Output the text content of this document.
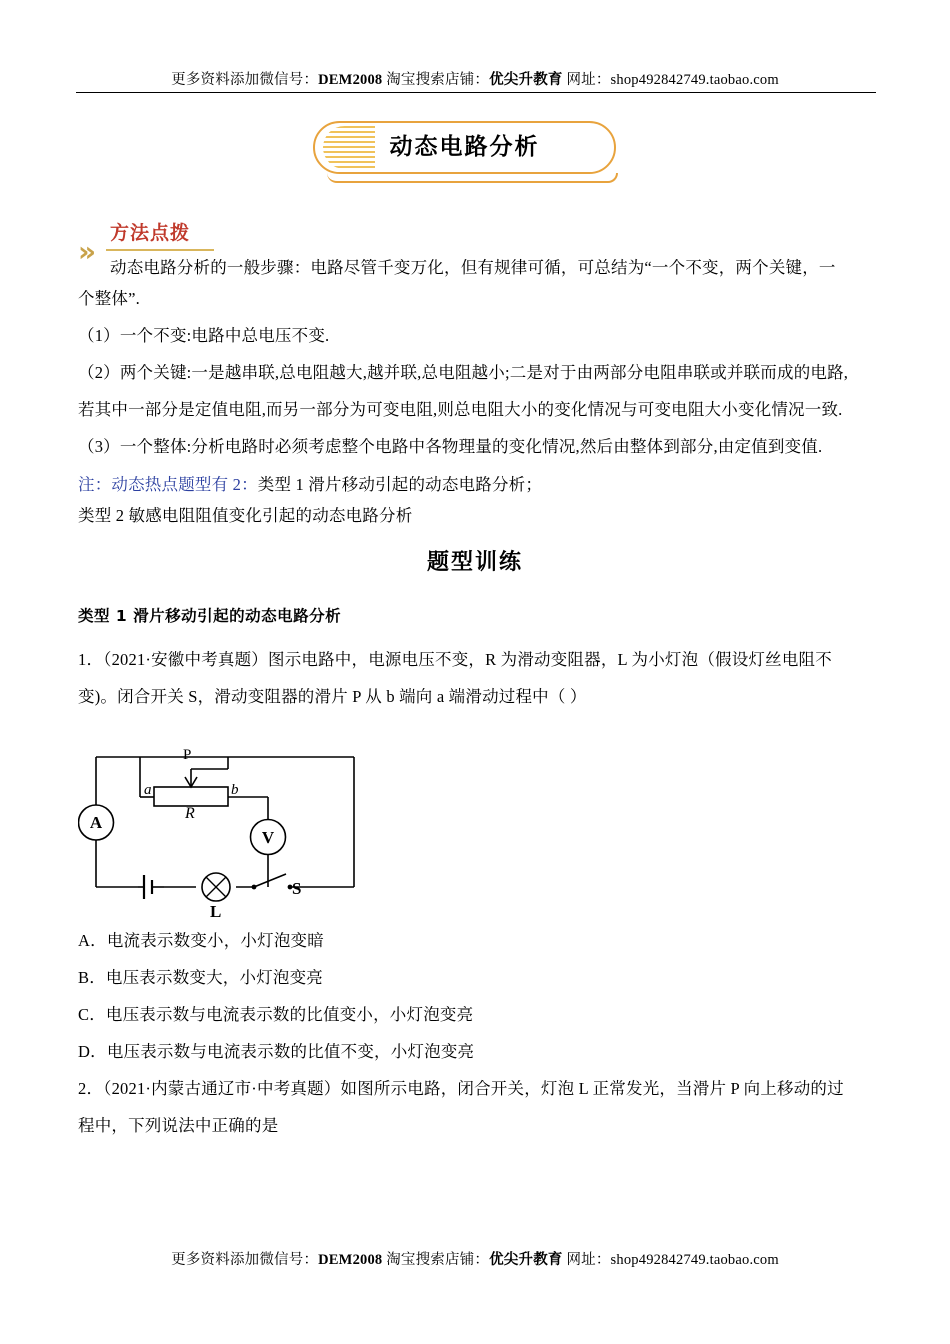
更多资料添加微信号：DEM2008 淘宝搜索店铺：优尖升教育 网址：shop492842749.taobao.com
动态电路分析
»
方法点拨
动态电路分析的一般步骤：电路尽管千变万化，但有规律可循，可总结为“一个不变，两个关键，一
个整体”.
（1）一个不变:电路中总电压不变.
（2）两个关键:一是越串联,总电阻越大,越并联,总电阻越小;二是对于由两部分电阻串联或并联而成的电路,
若其中一部分是定值电阻,而另一部分为可变电阻,则总电阻大小的变化情况与可变电阻大小变化情况一致.
（3）一个整体:分析电路时必须考虑整个电路中各物理量的变化情况,然后由整体到部分,由定值到变值.
注：动态热点题型有 2：类型 1 滑片移动引起的动态电路分析；
类型 2 敏感电阻阻值变化引起的动态电路分析
题型训练
类型 1 滑片移动引起的动态电路分析
1．（2021·安徽中考真题）图示电路中，电源电压不变，R 为滑动变阻器，L 为小灯泡（假设灯丝电阻不
变)。闭合开关 S，滑动变阻器的滑片 P 从 b 端向 a 端滑动过程中（ ）
A
V
P
a
R
b
L
S
A．电流表示数变小，小灯泡变暗
B．电压表示数变大，小灯泡变亮
C．电压表示数与电流表示数的比值变小，小灯泡变亮
D．电压表示数与电流表示数的比值不变，小灯泡变亮
2．（2021·内蒙古通辽市·中考真题）如图所示电路，闭合开关，灯泡 L 正常发光，当滑片 P 向上移动的过
程中，下列说法中正确的是
更多资料添加微信号：DEM2008 淘宝搜索店铺：优尖升教育 网址：shop492842749.taobao.com
